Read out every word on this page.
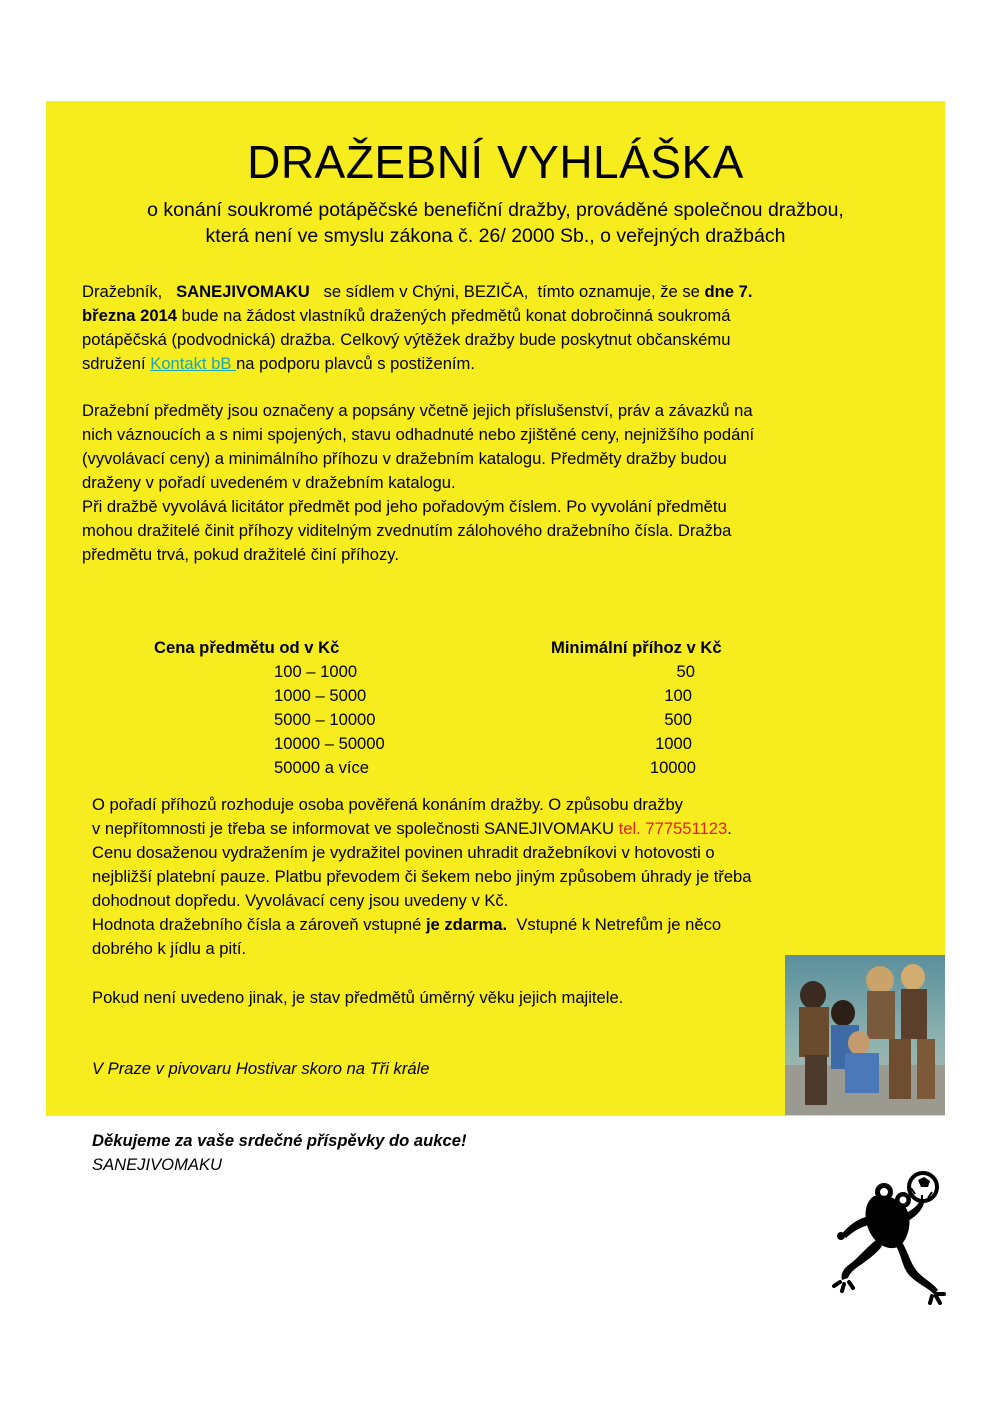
DRAŽEBNÍ VYHLÁŠKA
o konání soukromé potápěčské benefiční dražby, prováděné společnou dražbou,
která není ve smyslu zákona č. 26/ 2000 Sb., o veřejných dražbách
Dražebník,   SANEJIVOMAKU   se sídlem v Chýni, BEZIČA,  tímto oznamuje, že se dne 7.
března 2014 bude na žádost vlastníků dražených předmětů konat dobročinná soukromá
potápěčská (podvodnická) dražba. Celkový výtěžek dražby bude poskytnut občanskému
sdružení Kontakt bB na podporu plavců s postižením.
Dražební předměty jsou označeny a popsány včetně jejich příslušenství, práv a závazků na
nich váznoucích a s nimi spojených, stavu odhadnuté nebo zjištěné ceny, nejnižšího podání
(vyvolávací ceny) a minimálního příhozu v dražebním katalogu. Předměty dražby budou
draženy v pořadí uvedeném v dražebním katalogu.
Při dražbě vyvolává licitátor předmět pod jeho pořadovým číslem. Po vyvolání předmětu
mohou dražitelé činit příhozy viditelným zvednutím zálohového dražebního čísla. Dražba
předmětu trvá, pokud dražitelé činí příhozy.
Cena předmětu od v Kč	Minimální příhoz v Kč
100 – 1000	50
1000 – 5000	100
5000 – 10000	500
10000 – 50000	1000
50000 a více	10000
O pořadí příhozů rozhoduje osoba pověřená konáním dražby. O způsobu dražby
v nepřítomnosti je třeba se informovat ve společnosti SANEJIVOMAKU tel. 777551123.
Cenu dosaženou vydražením je vydražitel povinen uhradit dražebníkovi v hotovosti o
nejbližší platební pauze. Platbu převodem či šekem nebo jiným způsobem úhrady je třeba
dohodnout dopředu. Vyvolávací ceny jsou uvedeny v Kč.
Hodnota dražebního čísla a zároveň vstupné je zdarma.  Vstupné k Netrefům je něco
dobrého k jídlu a pití.
Pokud není uvedeno jinak, je stav předmětů úměrný věku jejich majitele.
V Praze v pivovaru Hostivar skoro na Tři krále
Děkujeme za vaše srdečné příspěvky do aukce!
SANEJIVOMAKU
